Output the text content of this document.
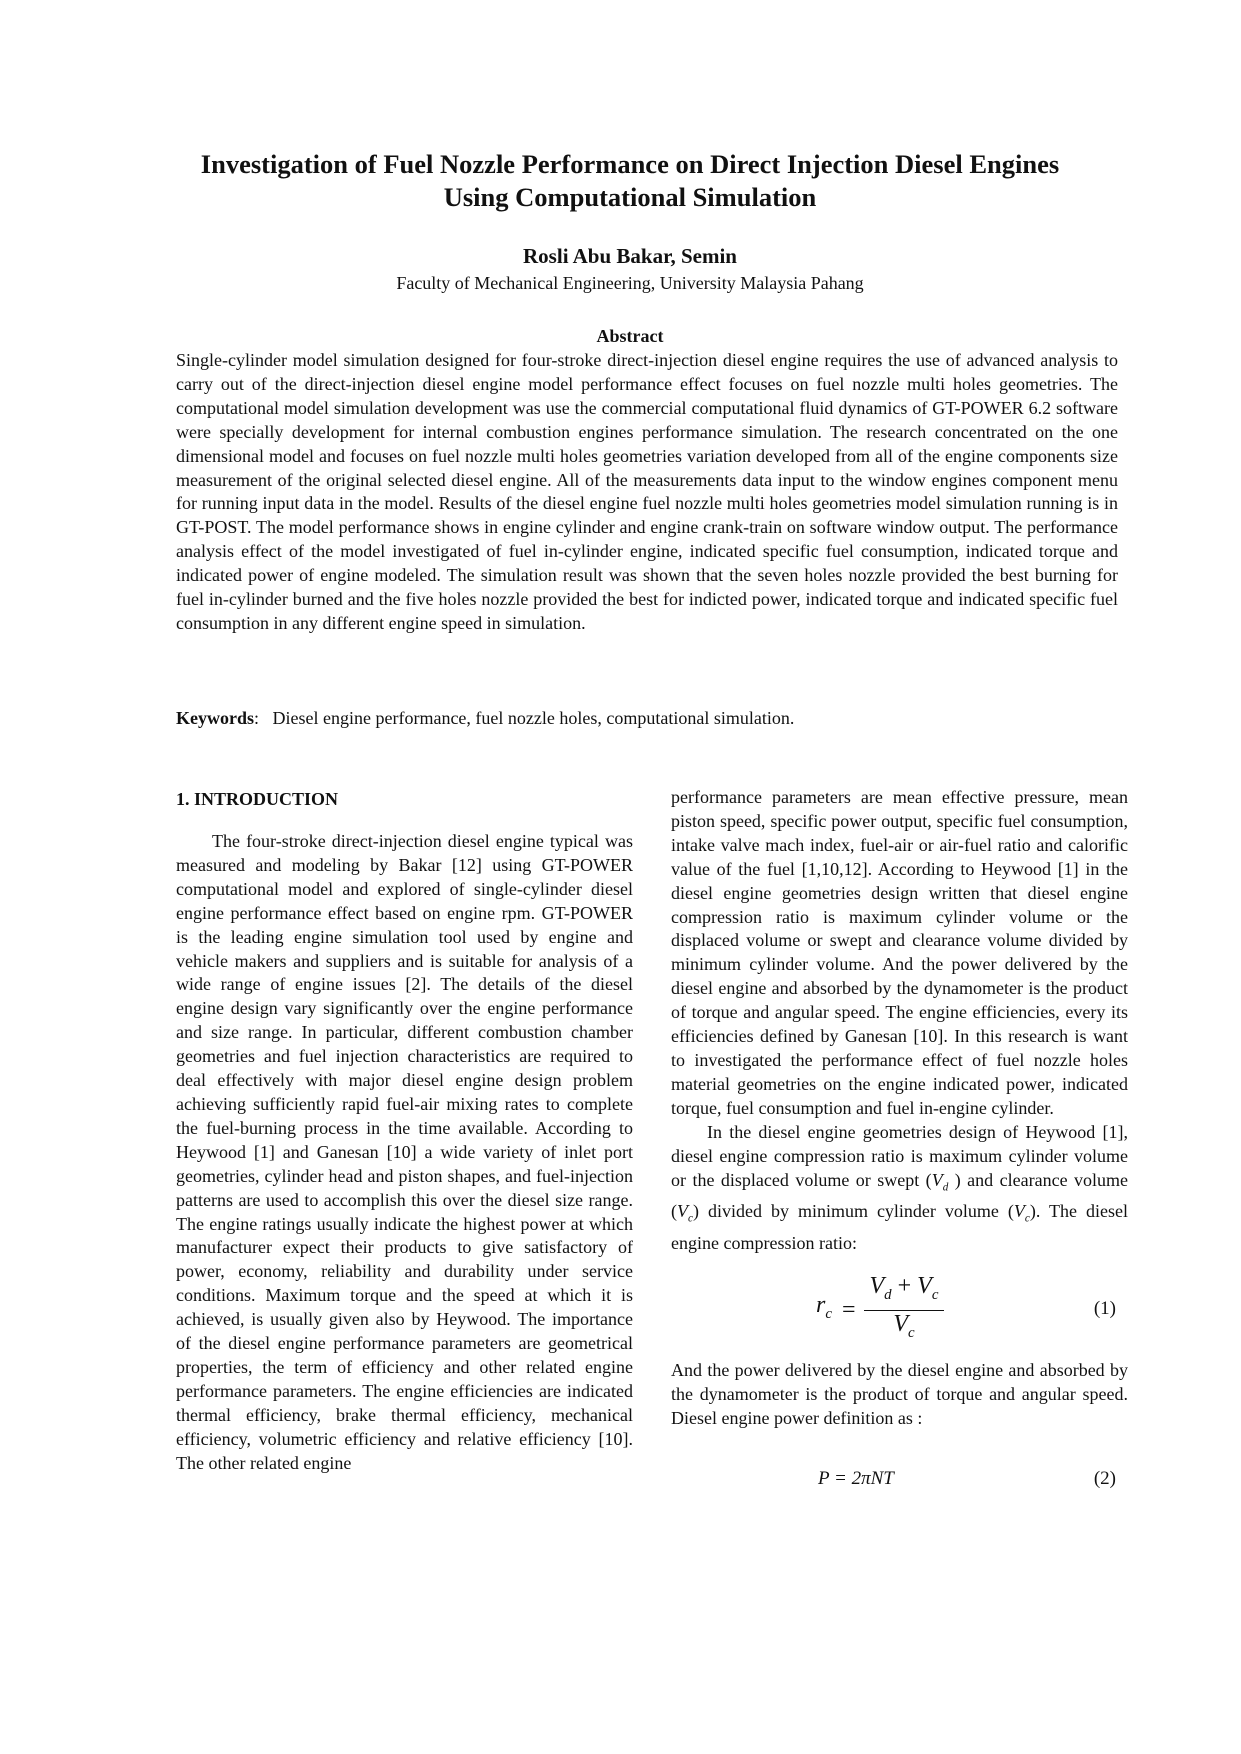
Investigation of Fuel Nozzle Performance on Direct Injection Diesel Engines
Using Computational Simulation
Rosli Abu Bakar, Semin
Faculty of Mechanical Engineering, University Malaysia Pahang
Abstract

Single-cylinder model simulation designed for four-stroke direct-injection diesel engine requires the use of advanced analysis to carry out of the direct-injection diesel engine model performance effect focuses on fuel nozzle multi holes geometries. The computational model simulation development was use the commercial computational fluid dynamics of GT-POWER 6.2 software were specially development for internal combustion engines performance simulation. The research concentrated on the one dimensional model and focuses on fuel nozzle multi holes geometries variation developed from all of the engine components size measurement of the original selected diesel engine. All of the measurements data input to the window engines component menu for running input data in the model. Results of the diesel engine fuel nozzle multi holes geometries model simulation running is in GT-POST. The model performance shows in engine cylinder and engine crank-train on software window output. The performance analysis effect of the model investigated of fuel in-cylinder engine, indicated specific fuel consumption, indicated torque and indicated power of engine modeled. The simulation result was shown that the seven holes nozzle provided the best burning for fuel in-cylinder burned and the five holes nozzle provided the best for indicted power, indicated torque and indicated specific fuel consumption in any different engine speed in simulation.

Keywords:   Diesel engine performance, fuel nozzle holes, computational simulation.
1. INTRODUCTION

The four-stroke direct-injection diesel engine typical was measured and modeling by Bakar [12] using GT-POWER computational model and explored of single-cylinder diesel engine performance effect based on engine rpm. GT-POWER is the leading engine simulation tool used by engine and vehicle makers and suppliers and is suitable for analysis of a wide range of engine issues [2]. The details of the diesel engine design vary significantly over the engine performance and size range. In particular, different combustion chamber geometries and fuel injection characteristics are required to deal effectively with major diesel engine design problem achieving sufficiently rapid fuel-air mixing rates to complete the fuel-burning process in the time available. According to Heywood [1] and Ganesan [10] a wide variety of inlet port geometries, cylinder head and piston shapes, and fuel-injection patterns are used to accomplish this over the diesel size range. The engine ratings usually indicate the highest power at which manufacturer expect their products to give satisfactory of power, economy, reliability and durability under service conditions. Maximum torque and the speed at which it is achieved, is usually given also by Heywood. The importance of the diesel engine performance parameters are geometrical properties, the term of efficiency and other related engine performance parameters. The engine efficiencies are indicated thermal efficiency, brake thermal efficiency, mechanical efficiency, volumetric efficiency and relative efficiency [10]. The other related engine

performance parameters are mean effective pressure, mean piston speed, specific power output, specific fuel consumption, intake valve mach index, fuel-air or air-fuel ratio and calorific value of the fuel [1,10,12]. According to Heywood [1] in the diesel engine geometries design written that diesel engine compression ratio is maximum cylinder volume or the displaced volume or swept and clearance volume divided by minimum cylinder volume. And the power delivered by the diesel engine and absorbed by the dynamometer is the product of torque and angular speed. The engine efficiencies, every its efficiencies defined by Ganesan [10]. In this research is want to investigated the performance effect of fuel nozzle holes material geometries on the engine indicated power, indicated torque, fuel consumption and fuel in-engine cylinder.

In the diesel engine geometries design of Heywood [1], diesel engine compression ratio is maximum cylinder volume or the displaced volume or swept ($V_d$ ) and clearance volume $(V_c)$ divided by minimum cylinder volume $(V_c)$. The diesel engine compression ratio:

$r_c = \frac{V_d + V_c}{V_c}$	(1)

And the power delivered by the diesel engine and absorbed by the dynamometer is the product of torque and angular speed. Diesel engine power definition as :

P = 2πNT	(2)
